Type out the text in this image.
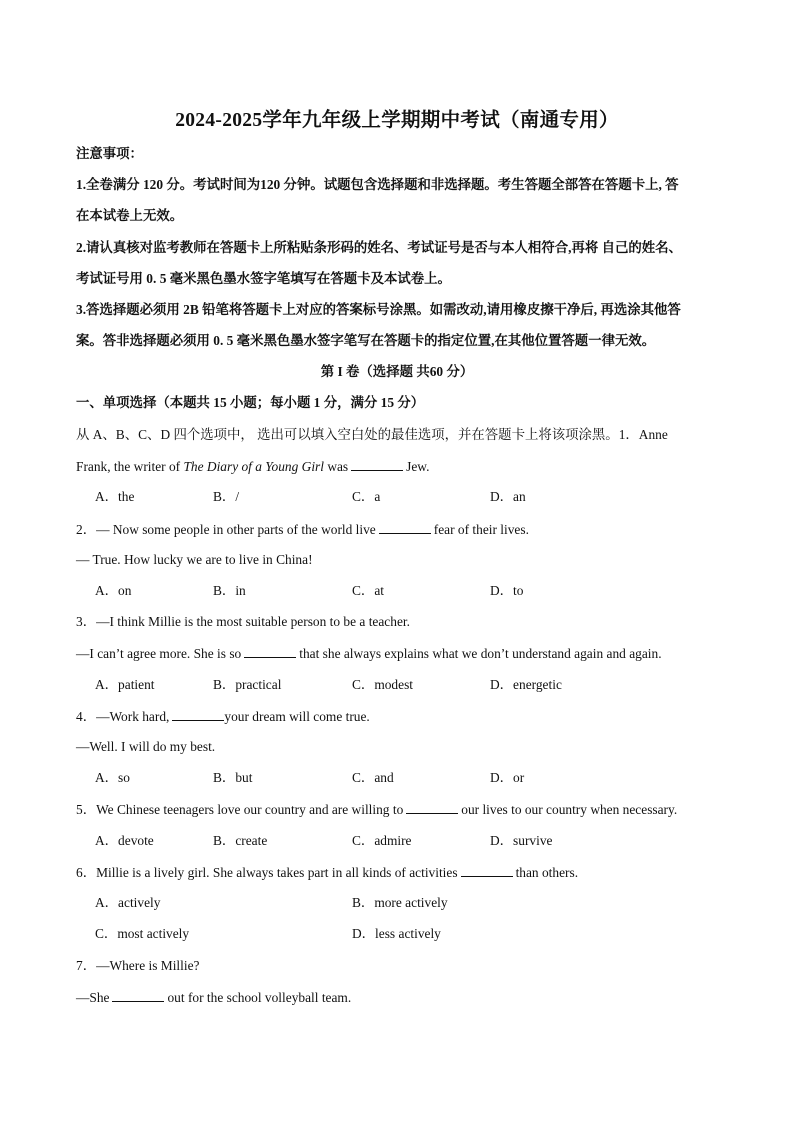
2024-2025学年九年级上学期期中考试（南通专用）
注意事项：
1.全卷满分 120 分。考试时间为120 分钟。试题包含选择题和非选择题。考生答题全部答在答题卡上, 答
在本试卷上无效。
2.请认真核对监考教师在答题卡上所粘贴条形码的姓名、考试证号是否与本人相符合,再将 自己的姓名、
考试证号用 0. 5 毫米黑色墨水签字笔填写在答题卡及本试卷上。
3.答选择题必须用 2B 铅笔将答题卡上对应的答案标号涂黑。如需改动,请用橡皮擦干净后, 再选涂其他答
案。答非选择题必须用 0. 5 毫米黑色墨水签字笔写在答题卡的指定位置,在其他位置答题一律无效。
第 I 卷（选择题 共60 分）
一、单项选择（本题共 15 小题；每小题 1 分，满分 15 分）
从 A、B、C、D 四个选项中， 选出可以填入空白处的最佳选项，并在答题卡上将该项涂黑。1．Anne
Frank, the writer of The Diary of a Young Girl was	Jew.
A．the	B．/	C．a	D．an
2．— Now some people in other parts of the world live	fear of their lives.
— True. How lucky we are to live in China!
A．on	B．in	C．at	D．to
3．—I think Millie is the most suitable person to be a teacher.
—I can’t agree more. She is so	that she always explains what we don’t understand again and again.
A．patient	B．practical	C．modest	D．energetic
4．—Work hard,	your dream will come true.
—Well. I will do my best.
A．so	B．but	C．and	D．or
5．We Chinese teenagers love our country and are willing to	our lives to our country when necessary.
A．devote	B．create	C．admire	D．survive
6．Millie is a lively girl. She always takes part in all kinds of activities	than others.
A．actively	B．more actively
C．most actively	D．less actively
7．—Where is Millie?
—She	out for the school volleyball team.
